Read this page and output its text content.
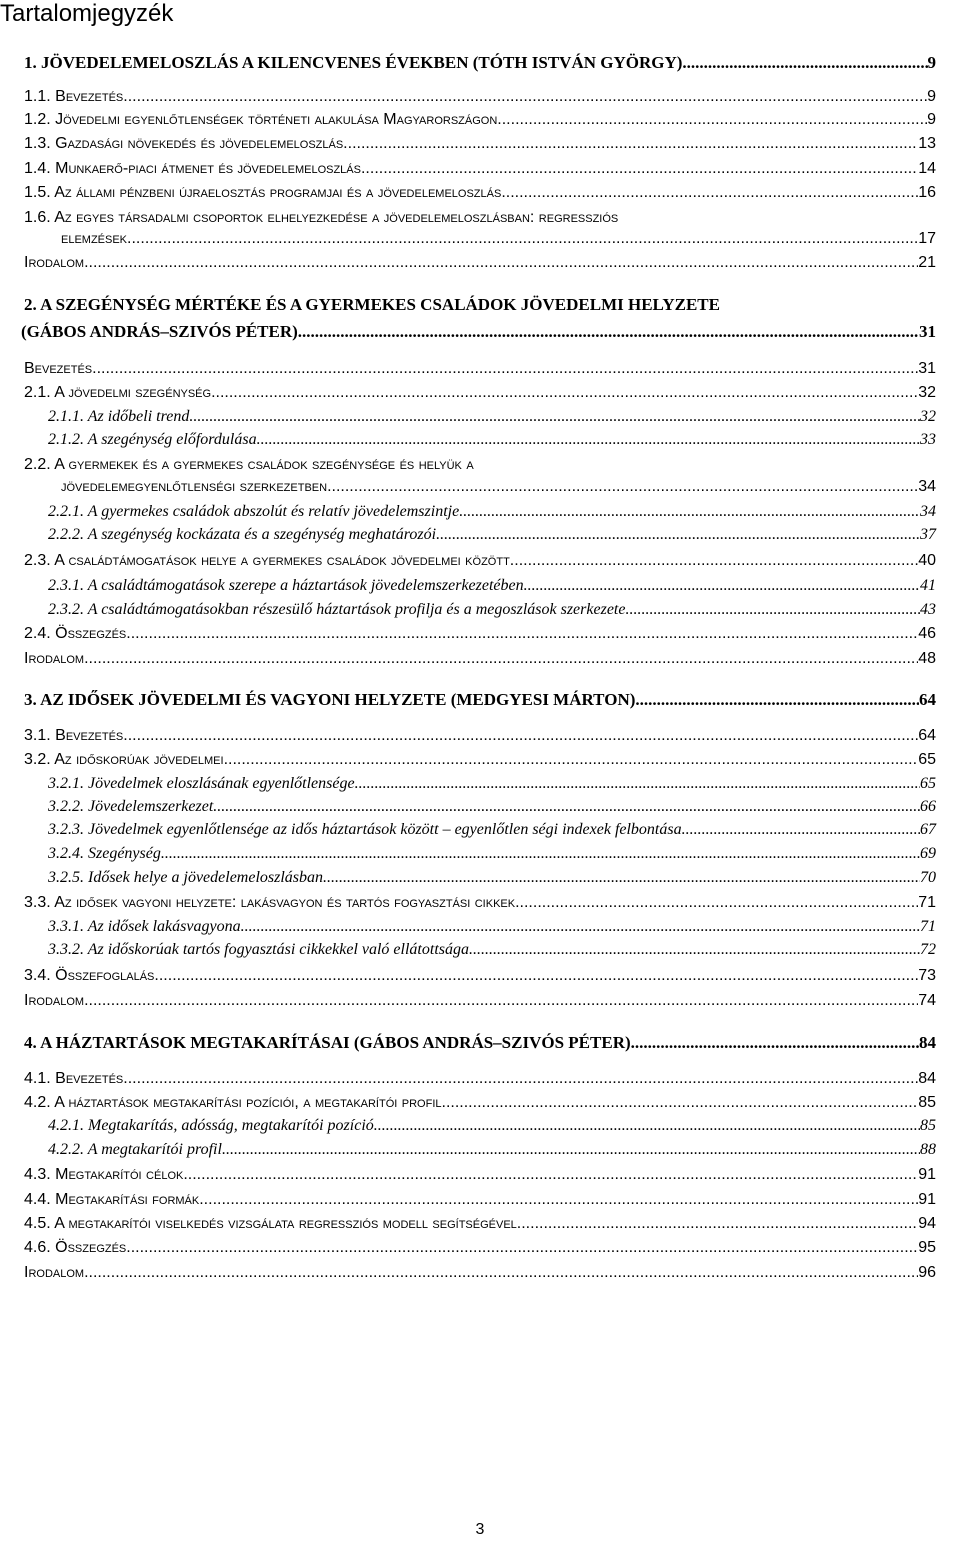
Tartalomjegyzék
1. JÖVEDELEMELOSZLÁS A KILENCVENES ÉVEKBEN (TÓTH ISTVÁN GYÖRGY) .....	9
1.1. Bevezetés .....	9
1.2. Jövedelmi egyenlőtlenségek történeti alakulása Magyarországon .....	9
1.3. Gazdasági növekedés és jövedelemeloszlás .....	13
1.4. Munkaerő-piaci átmenet és jövedelemeloszlás .....	14
1.5. Az állami pénzbeni újraelosztás programjai és a jövedelemeloszlás .....	16
1.6. Az egyes társadalmi csoportok elhelyezkedése a jövedelemeloszlásban: regressziós
elemzések .....	17
Irodalom .....	21
2. A SZEGÉNYSÉG MÉRTÉKE ÉS A GYERMEKES CSALÁDOK JÖVEDELMI HELYZETE
(GÁBOS ANDRÁS–SZIVÓS PÉTER) .....	31
Bevezetés .....	31
2.1. A jövedelmi szegénység .....	32
2.1.1. Az időbeli trend .....	32
2.1.2. A szegénység előfordulása .....	33
2.2. A gyermekek és a gyermekes családok szegénysége és helyük a
jövedelemegyenlőtlenségi szerkezetben .....	34
2.2.1. A gyermekes családok abszolút és relatív jövedelemszintje .....	34
2.2.2. A szegénység kockázata és a szegénység meghatározói .....	37
2.3. A családtámogatások helye a gyermekes családok jövedelmei között .....	40
2.3.1. A családtámogatások szerepe a háztartások jövedelemszerkezetében .....	41
2.3.2. A családtámogatásokban részesülő háztartások profilja és a megoszlások szerkezete .....	43
2.4. Összegzés .....	46
Irodalom .....	48
3. AZ IDŐSEK JÖVEDELMI ÉS VAGYONI HELYZETE (MEDGYESI MÁRTON) .....	64
3.1. Bevezetés .....	64
3.2. Az időskorúak jövedelmei .....	65
3.2.1. Jövedelmek eloszlásának egyenlőtlensége .....	65
3.2.2. Jövedelemszerkezet .....	66
3.2.3. Jövedelmek egyenlőtlensége az idős háztartások között – egyenlőtlen ségi indexek felbontása .....	67
3.2.4. Szegénység .....	69
3.2.5. Idősek helye a jövedelemeloszlásban .....	70
3.3. Az idősek vagyoni helyzete: lakásvagyon és tartós fogyasztási cikkek .....	71
3.3.1. Az idősek lakásvagyona .....	71
3.3.2. Az időskorúak tartós fogyasztási cikkekkel való ellátottsága .....	72
3.4. Összefoglalás .....	73
Irodalom .....	74
4. A HÁZTARTÁSOK MEGTAKARÍTÁSAI (GÁBOS ANDRÁS–SZIVÓS PÉTER) .....	84
4.1. Bevezetés .....	84
4.2. A háztartások megtakarítási pozíciói, a megtakarítói profil .....	85
4.2.1. Megtakarítás, adósság, megtakarítói pozíció .....	85
4.2.2. A megtakarítói profil .....	88
4.3. Megtakarítói célok .....	91
4.4. Megtakarítási formák .....	91
4.5. A megtakarítói viselkedés vizsgálata regressziós modell segítségével .....	94
4.6. Összegzés .....	95
Irodalom .....	96
3
